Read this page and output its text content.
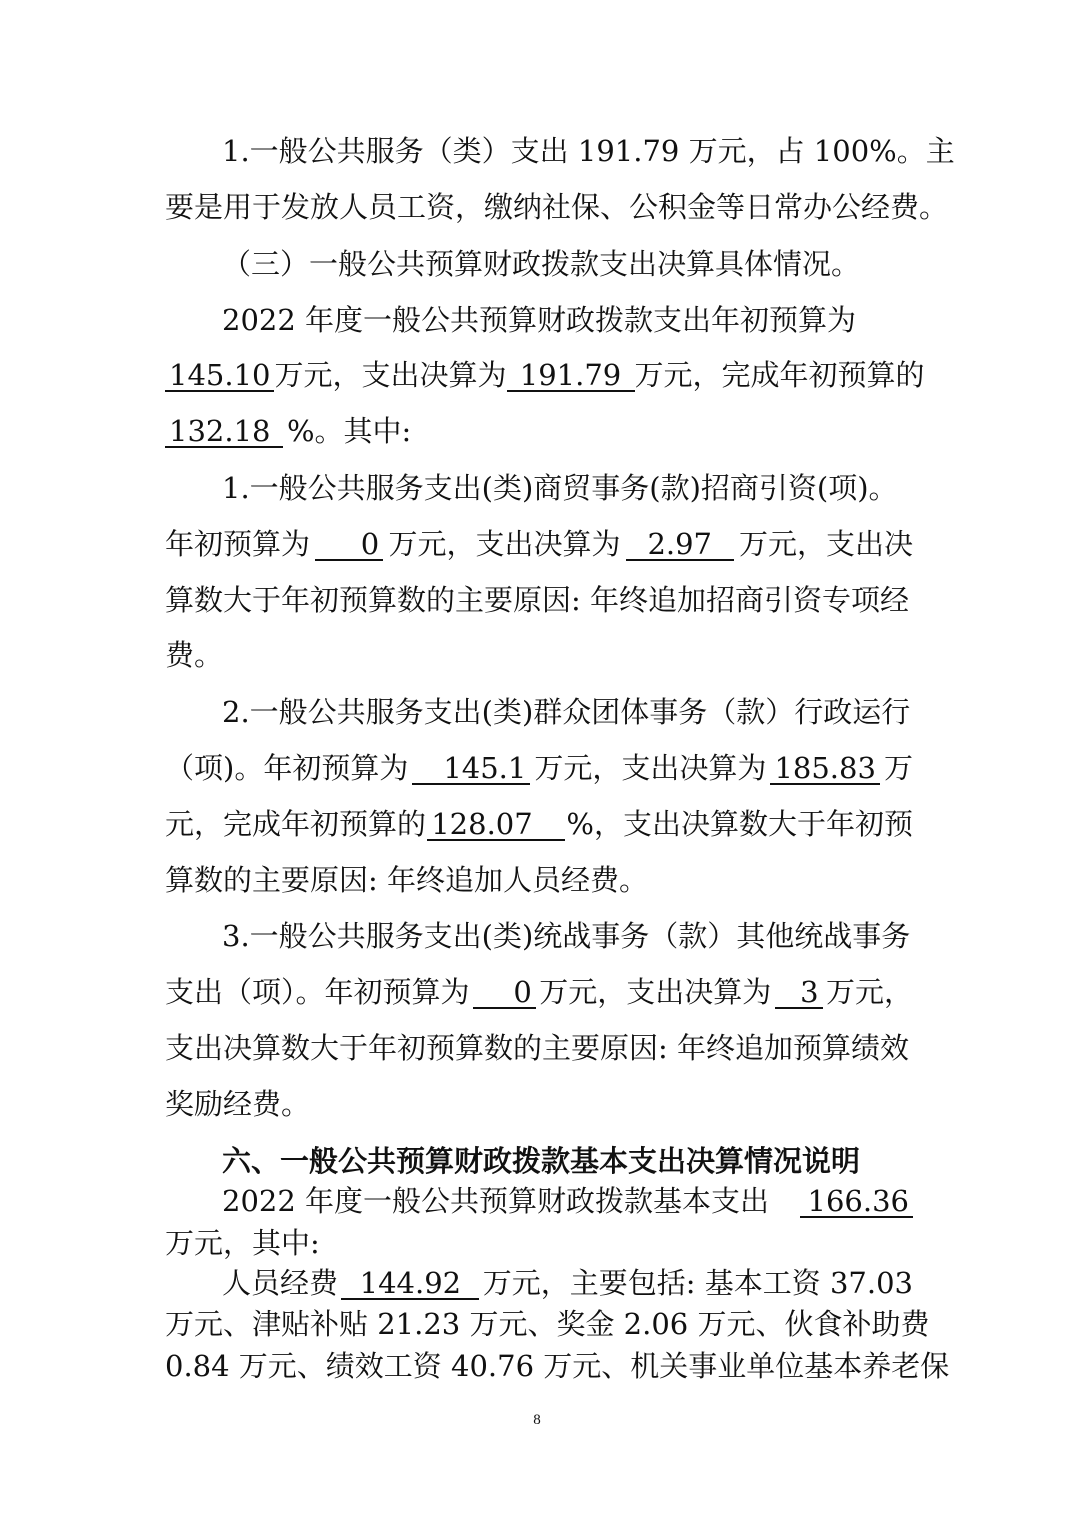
1.一般公共服务（类）支出 191.79 万元，占 100%。主
要是用于发放人员工资，缴纳社保、公积金等日常办公经费。
（三）一般公共预算财政拨款支出决算具体情况。
2022 年度一般公共预算财政拨款支出年初预算为
145.10 万元，支出决算为 191.79 万元，完成年初预算的
132.18 %。其中:
1.一般公共服务支出(类)商贸事务(款)招商引资(项)。
年初预算为	0 万元，支出决算为 2.97 万元，支出决
算数大于年初预算数的主要原因: 年终追加招商引资专项经
费。
2.一般公共服务支出(类)群众团体事务（款）行政运行
（项)。年初预算为	145.1 万元，支出决算为 185.83 万
元，完成年初预算的 128.07	%，支出决算数大于年初预
算数的主要原因: 年终追加人员经费。
3.一般公共服务支出(类)统战事务（款）其他统战事务
支出（项）。年初预算为	0 万元，支出决算为 3 万元，
支出决算数大于年初预算数的主要原因: 年终追加预算绩效
奖励经费。
六、一般公共预算财政拨款基本支出决算情况说明
2022 年度一般公共预算财政拨款基本支出 166.36
万元，其中:
人员经费 144.92 万元，主要包括: 基本工资 37.03
万元、津贴补贴 21.23 万元、奖金 2.06 万元、伙食补助费
0.84 万元、绩效工资 40.76 万元、机关事业单位基本养老保
8
